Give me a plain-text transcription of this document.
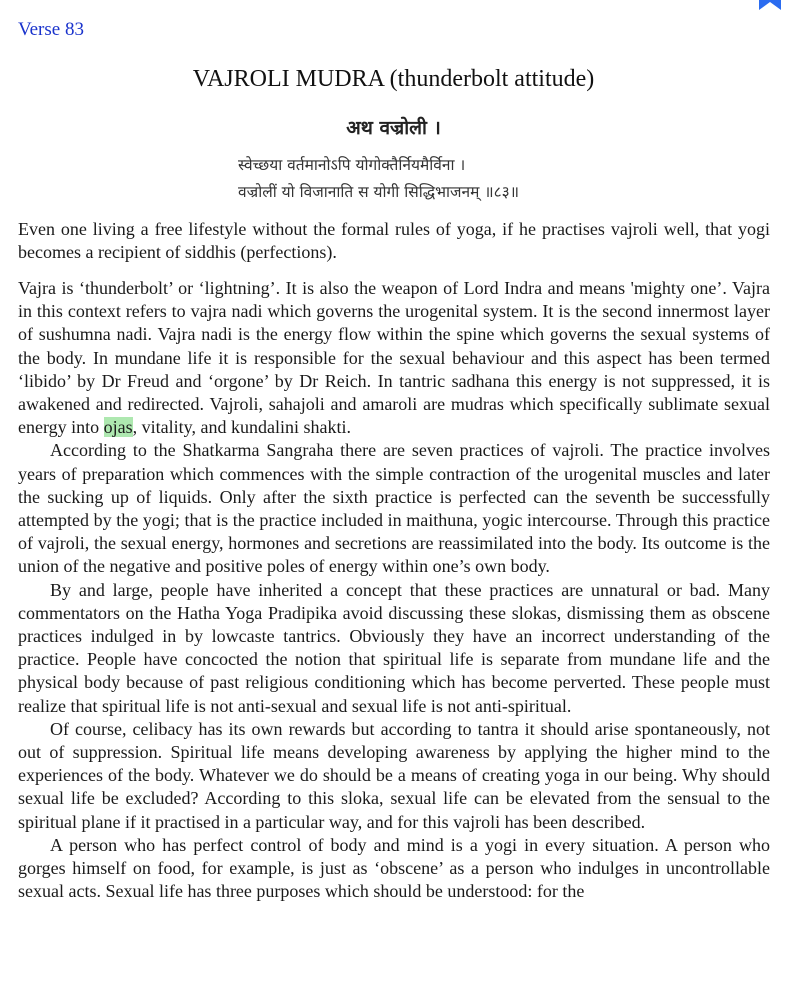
Verse 83
VAJROLI MUDRA (thunderbolt attitude)
अथ वज्रोली ।
स्वेच्छया वर्तमानोऽपि योगोक्तैर्नियमैर्विना ।
वज्रोलीं यो विजानाति स योगी सिद्धिभाजनम् ॥८३॥
Even one living a free lifestyle without the formal rules of yoga, if he practises vajroli well, that yogi becomes a recipient of siddhis (perfections).

Vajra is ‘thunderbolt’ or ‘lightning’. It is also the weapon of Lord Indra and means 'mighty one’. Vajra in this context refers to vajra nadi which governs the urogenital system. It is the second innermost layer of sushumna nadi. Vajra nadi is the energy flow within the spine which governs the sexual systems of the body. In mundane life it is responsible for the sexual behaviour and this aspect has been termed ‘libido’ by Dr Freud and ‘orgone’ by Dr Reich. In tantric sadhana this energy is not suppressed, it is awakened and redirected. Vajroli, sahajoli and amaroli are mudras which specifically sublimate sexual energy into ojas, vitality, and kundalini shakti.

According to the Shatkarma Sangraha there are seven practices of vajroli. The practice involves years of preparation which commences with the simple contraction of the urogenital muscles and later the sucking up of liquids. Only after the sixth practice is perfected can the seventh be successfully attempted by the yogi; that is the practice included in maithuna, yogic intercourse. Through this practice of vajroli, the sexual energy, hormones and secretions are reassimilated into the body. Its outcome is the union of the negative and positive poles of energy within one’s own body.

By and large, people have inherited a concept that these practices are unnatural or bad. Many commentators on the Hatha Yoga Pradipika avoid discussing these slokas, dismissing them as obscene practices indulged in by lowcaste tantrics. Obviously they have an incorrect understanding of the practice. People have concocted the notion that spiritual life is separate from mundane life and the physical body because of past religious conditioning which has become perverted. These people must realize that spiritual life is not anti-sexual and sexual life is not anti-spiritual.

Of course, celibacy has its own rewards but according to tantra it should arise spontaneously, not out of suppression. Spiritual life means developing awareness by applying the higher mind to the experiences of the body. Whatever we do should be a means of creating yoga in our being. Why should sexual life be excluded? According to this sloka, sexual life can be elevated from the sensual to the spiritual plane if it practised in a particular way, and for this vajroli has been described.

A person who has perfect control of body and mind is a yogi in every situation. A person who gorges himself on food, for example, is just as ‘obscene’ as a person who indulges in uncontrollable sexual acts. Sexual life has three purposes which should be understood: for the
